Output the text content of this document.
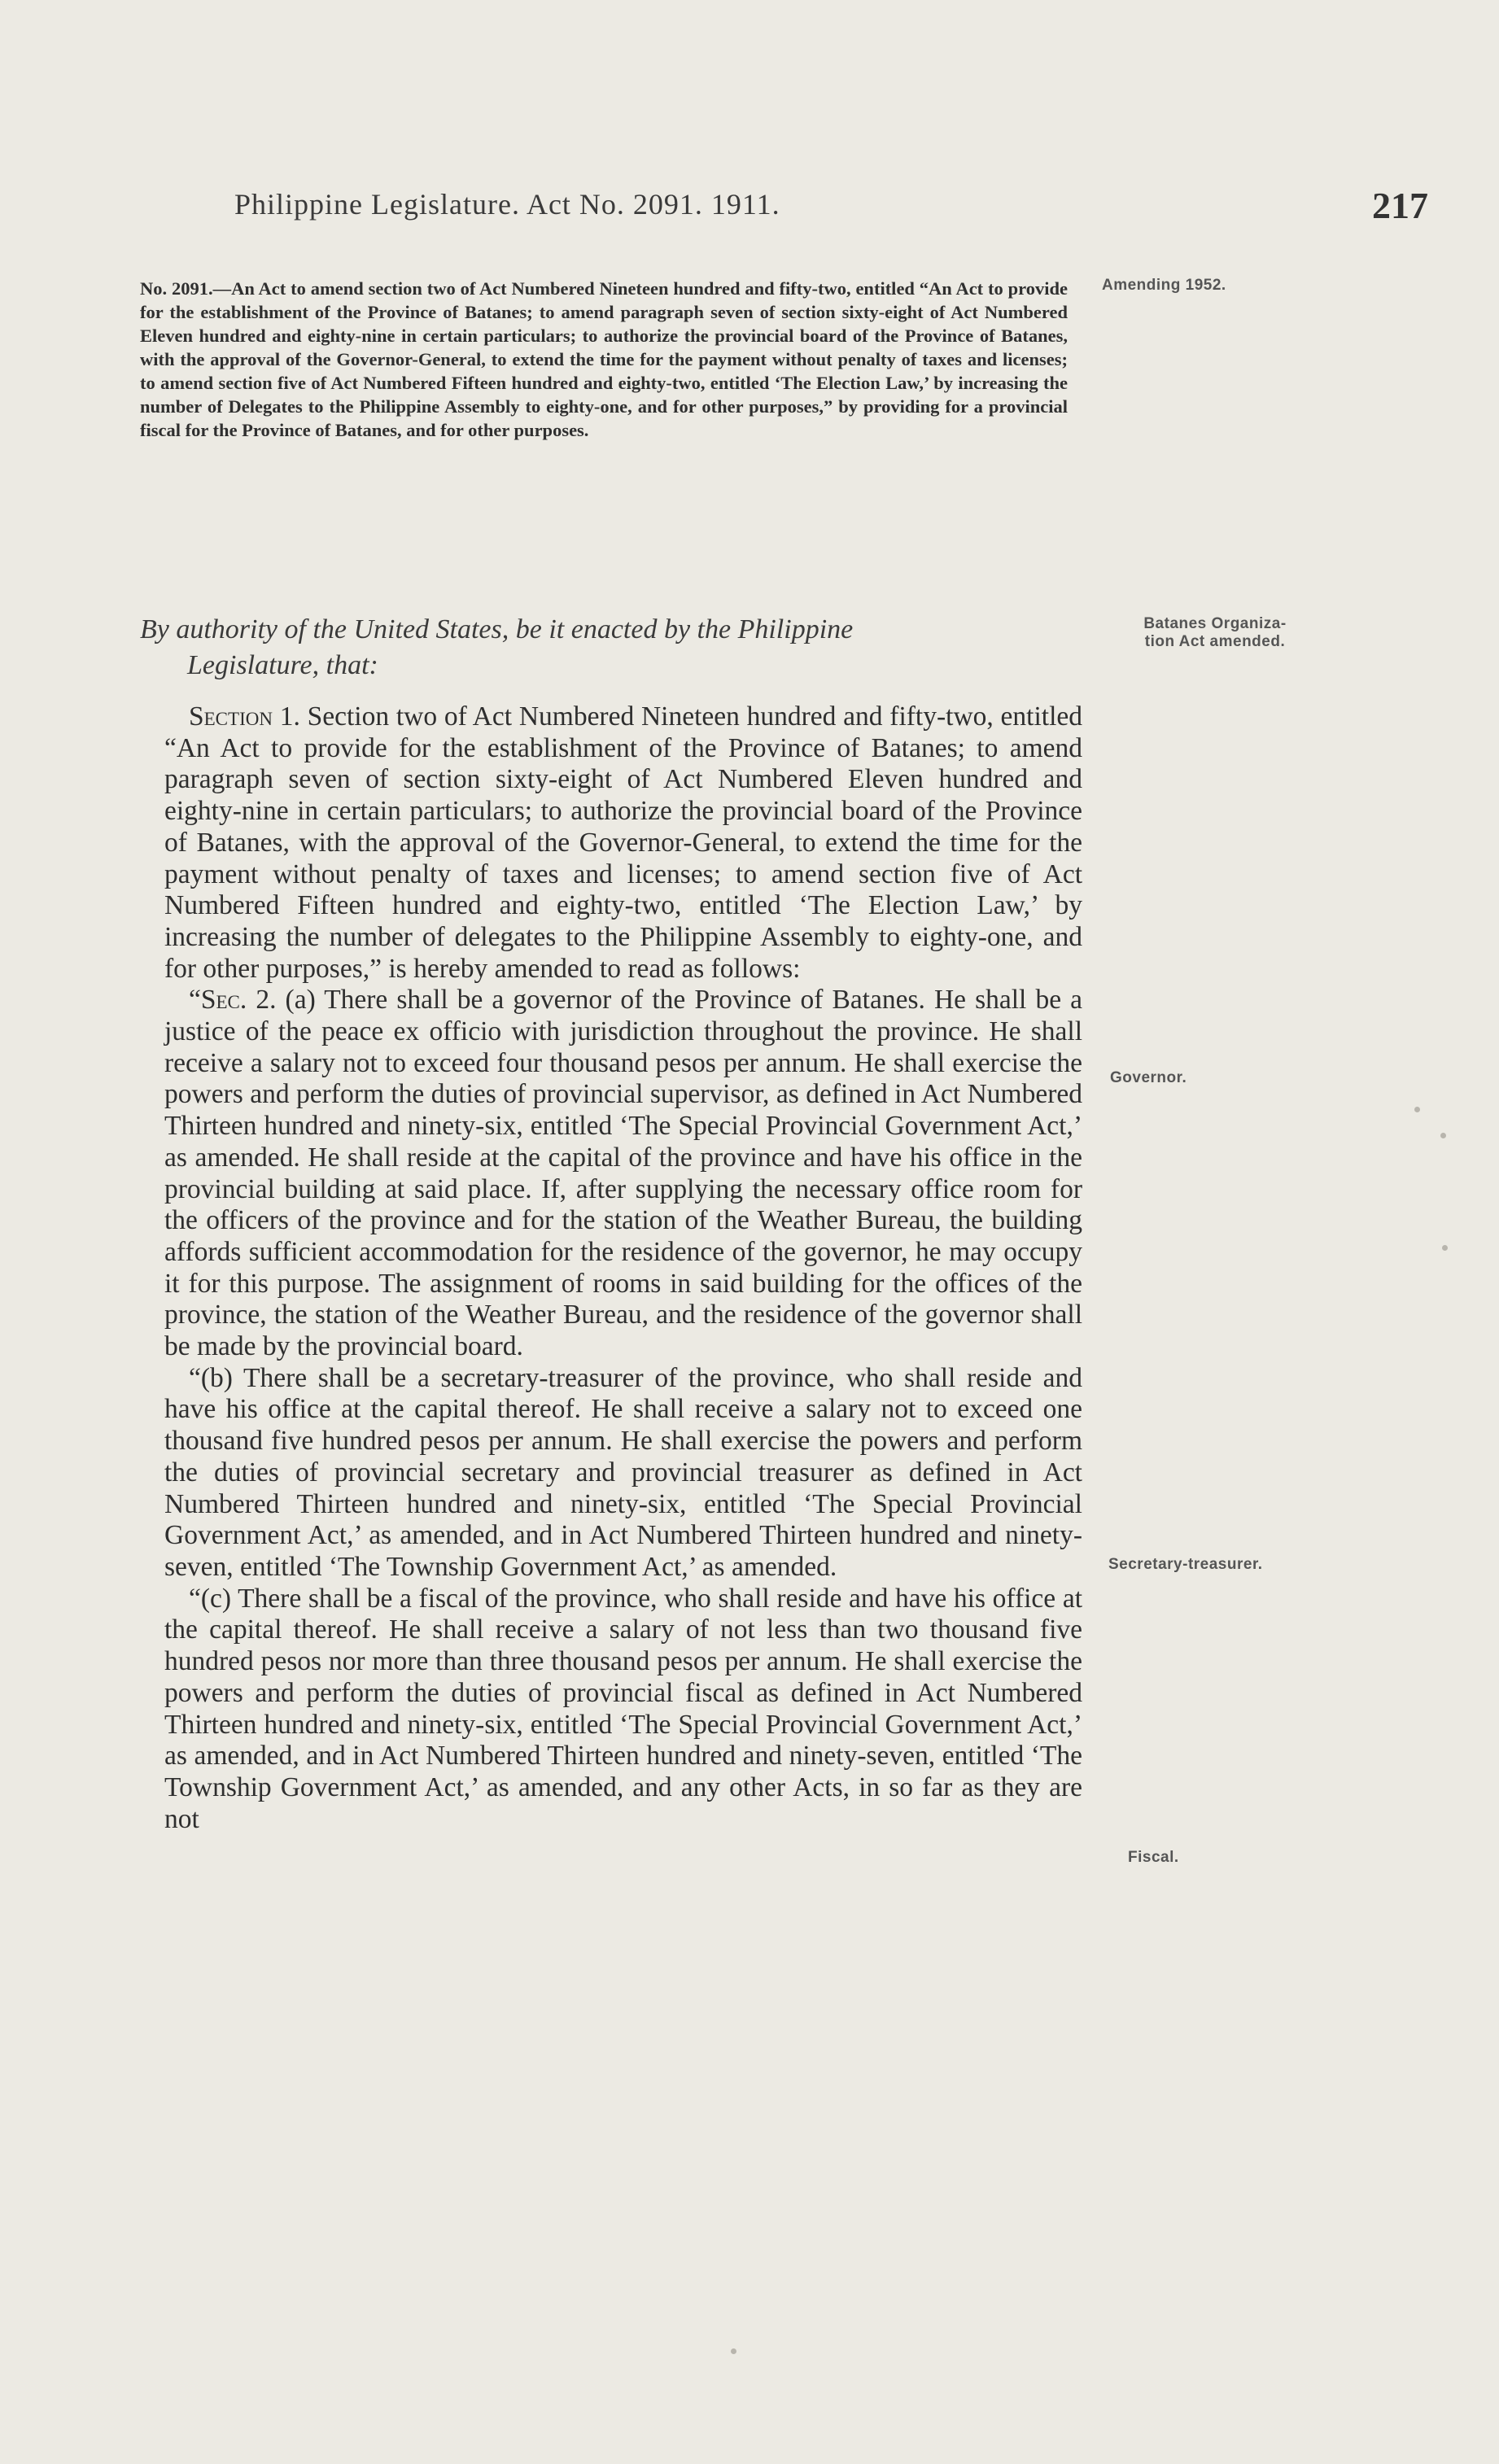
Philippine Legislature. Act No. 2091. 1911.	217
No. 2091.—An Act to amend section two of Act Numbered Nineteen hundred and fifty-two, entitled “An Act to provide for the establishment of the Province of Batanes; to amend paragraph seven of section sixty-eight of Act Numbered Eleven hundred and eighty-nine in certain particulars; to authorize the provincial board of the Province of Batanes, with the approval of the Governor-General, to extend the time for the payment without penalty of taxes and licenses; to amend section five of Act Numbered Fifteen hundred and eighty-two, entitled ‘The Election Law,’ by increasing the number of Delegates to the Philippine Assembly to eighty-one, and for other purposes,” by providing for a provincial fiscal for the Province of Batanes, and for other purposes.
Amending 1952.
By authority of the United States, be it enacted by the Philippine
Legislature, that:
Batanes Organiza-
tion Act amended.

Section 1. Section two of Act Numbered Nineteen hundred and fifty-two, entitled “An Act to provide for the establishment of the Province of Batanes; to amend paragraph seven of section sixty-eight of Act Numbered Eleven hundred and eighty-nine in certain particulars; to authorize the provincial board of the Province of Batanes, with the approval of the Governor-General, to extend the time for the payment without penalty of taxes and licenses; to amend section five of Act Numbered Fifteen hundred and eighty-two, entitled ‘The Election Law,’ by increasing the number of delegates to the Philippine Assembly to eighty-one, and for other purposes,” is hereby amended to read as follows:

“Sec. 2. (a) There shall be a governor of the Province of Batanes. He shall be a justice of the peace ex officio with jurisdiction throughout the province. He shall receive a salary not to exceed four thousand pesos per annum. He shall exercise the powers and perform the duties of provincial supervisor, as defined in Act Numbered Thirteen hundred and ninety-six, entitled ‘The Special Provincial Government Act,’ as amended. He shall reside at the capital of the province and have his office in the provincial building at said place. If, after supplying the necessary office room for the officers of the province and for the station of the Weather Bureau, the building affords sufficient accommodation for the residence of the governor, he may occupy it for this purpose. The assignment of rooms in said building for the offices of the province, the station of the Weather Bureau, and the residence of the governor shall be made by the provincial board.

“(b) There shall be a secretary-treasurer of the province, who shall reside and have his office at the capital thereof. He shall receive a salary not to exceed one thousand five hundred pesos per annum. He shall exercise the powers and perform the duties of provincial secretary and provincial treasurer as defined in Act Numbered Thirteen hundred and ninety-six, entitled ‘The Special Provincial Government Act,’ as amended, and in Act Numbered Thirteen hundred and ninety-seven, entitled ‘The Township Government Act,’ as amended.

“(c) There shall be a fiscal of the province, who shall reside and have his office at the capital thereof. He shall receive a salary of not less than two thousand five hundred pesos nor more than three thousand pesos per annum. He shall exercise the powers and perform the duties of provincial fiscal as defined in Act Numbered Thirteen hundred and ninety-six, entitled ‘The Special Provincial Government Act,’ as amended, and in Act Numbered Thirteen hundred and ninety-seven, entitled ‘The Township Government Act,’ as amended, and any other Acts, in so far as they are not

Governor.
Secretary-treasurer.
Fiscal.
